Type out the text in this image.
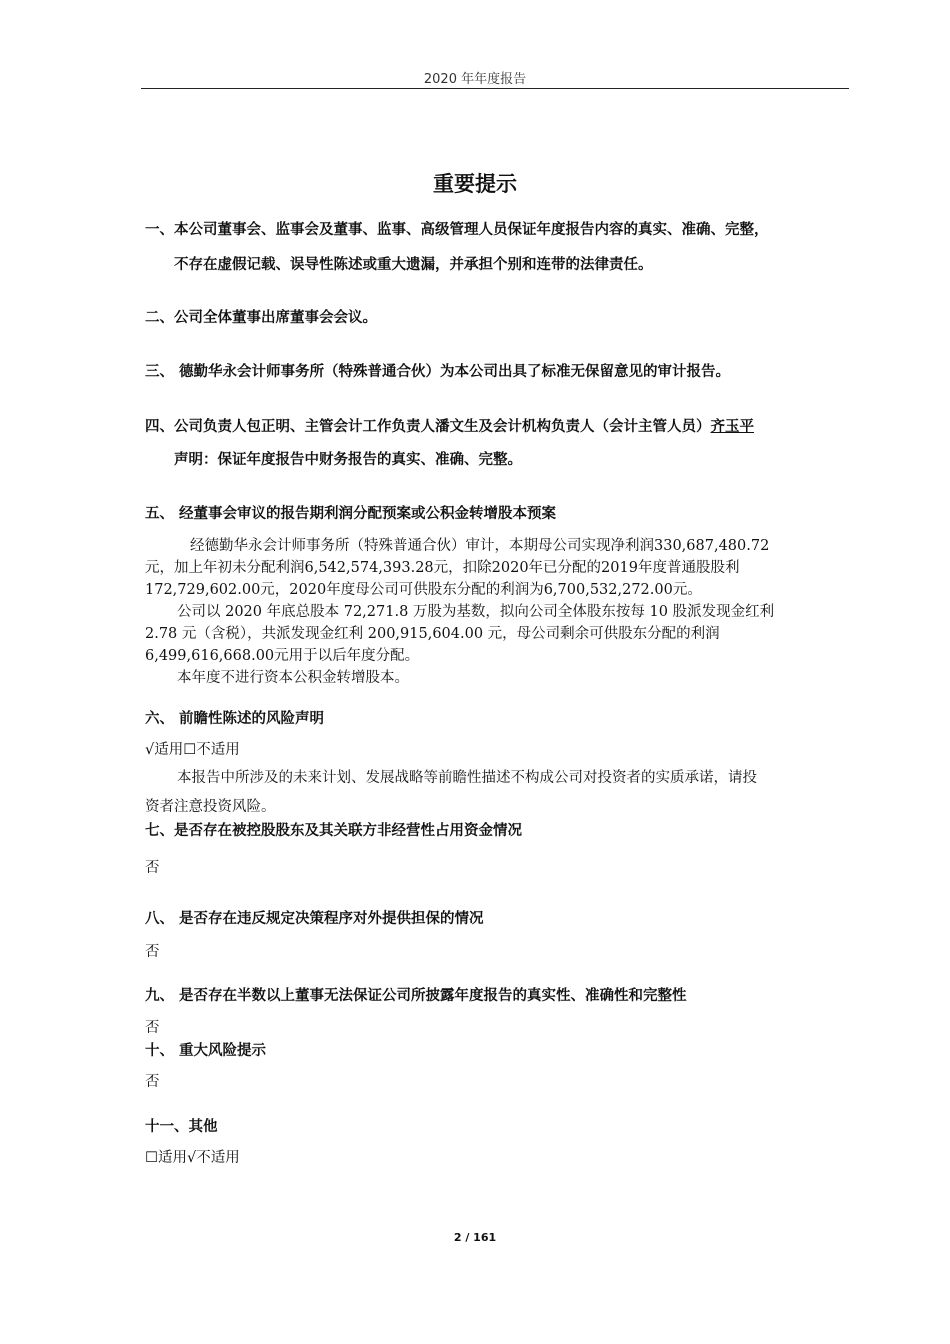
2020 年年度报告
重要提示
一、本公司董事会、监事会及董事、监事、高级管理人员保证年度报告内容的真实、准确、完整，
不存在虚假记载、误导性陈述或重大遗漏，并承担个别和连带的法律责任。
二、公司全体董事出席董事会会议。
三、 德勤华永会计师事务所（特殊普通合伙）为本公司出具了标准无保留意见的审计报告。
四、公司负责人包正明、主管会计工作负责人潘文生及会计机构负责人（会计主管人员）齐玉平
声明：保证年度报告中财务报告的真实、准确、完整。
五、 经董事会审议的报告期利润分配预案或公积金转增股本预案
经德勤华永会计师事务所（特殊普通合伙）审计，本期母公司实现净利润330,687,480.72
元，加上年初未分配利润6,542,574,393.28元，扣除2020年已分配的2019年度普通股股利
172,729,602.00元，2020年度母公司可供股东分配的利润为6,700,532,272.00元。
公司以 2020 年底总股本 72,271.8 万股为基数，拟向公司全体股东按每 10 股派发现金红利
2.78 元（含税），共派发现金红利 200,915,604.00 元，母公司剩余可供股东分配的利润
6,499,616,668.00元用于以后年度分配。
本年度不进行资本公积金转增股本。
六、 前瞻性陈述的风险声明
√适用☐不适用
本报告中所涉及的未来计划、发展战略等前瞻性描述不构成公司对投资者的实质承诺，请投
资者注意投资风险。
七、是否存在被控股股东及其关联方非经营性占用资金情况
否
八、 是否存在违反规定决策程序对外提供担保的情况
否
九、 是否存在半数以上董事无法保证公司所披露年度报告的真实性、准确性和完整性
否
十、 重大风险提示
否
十一、其他
☐适用√不适用
2 / 161
